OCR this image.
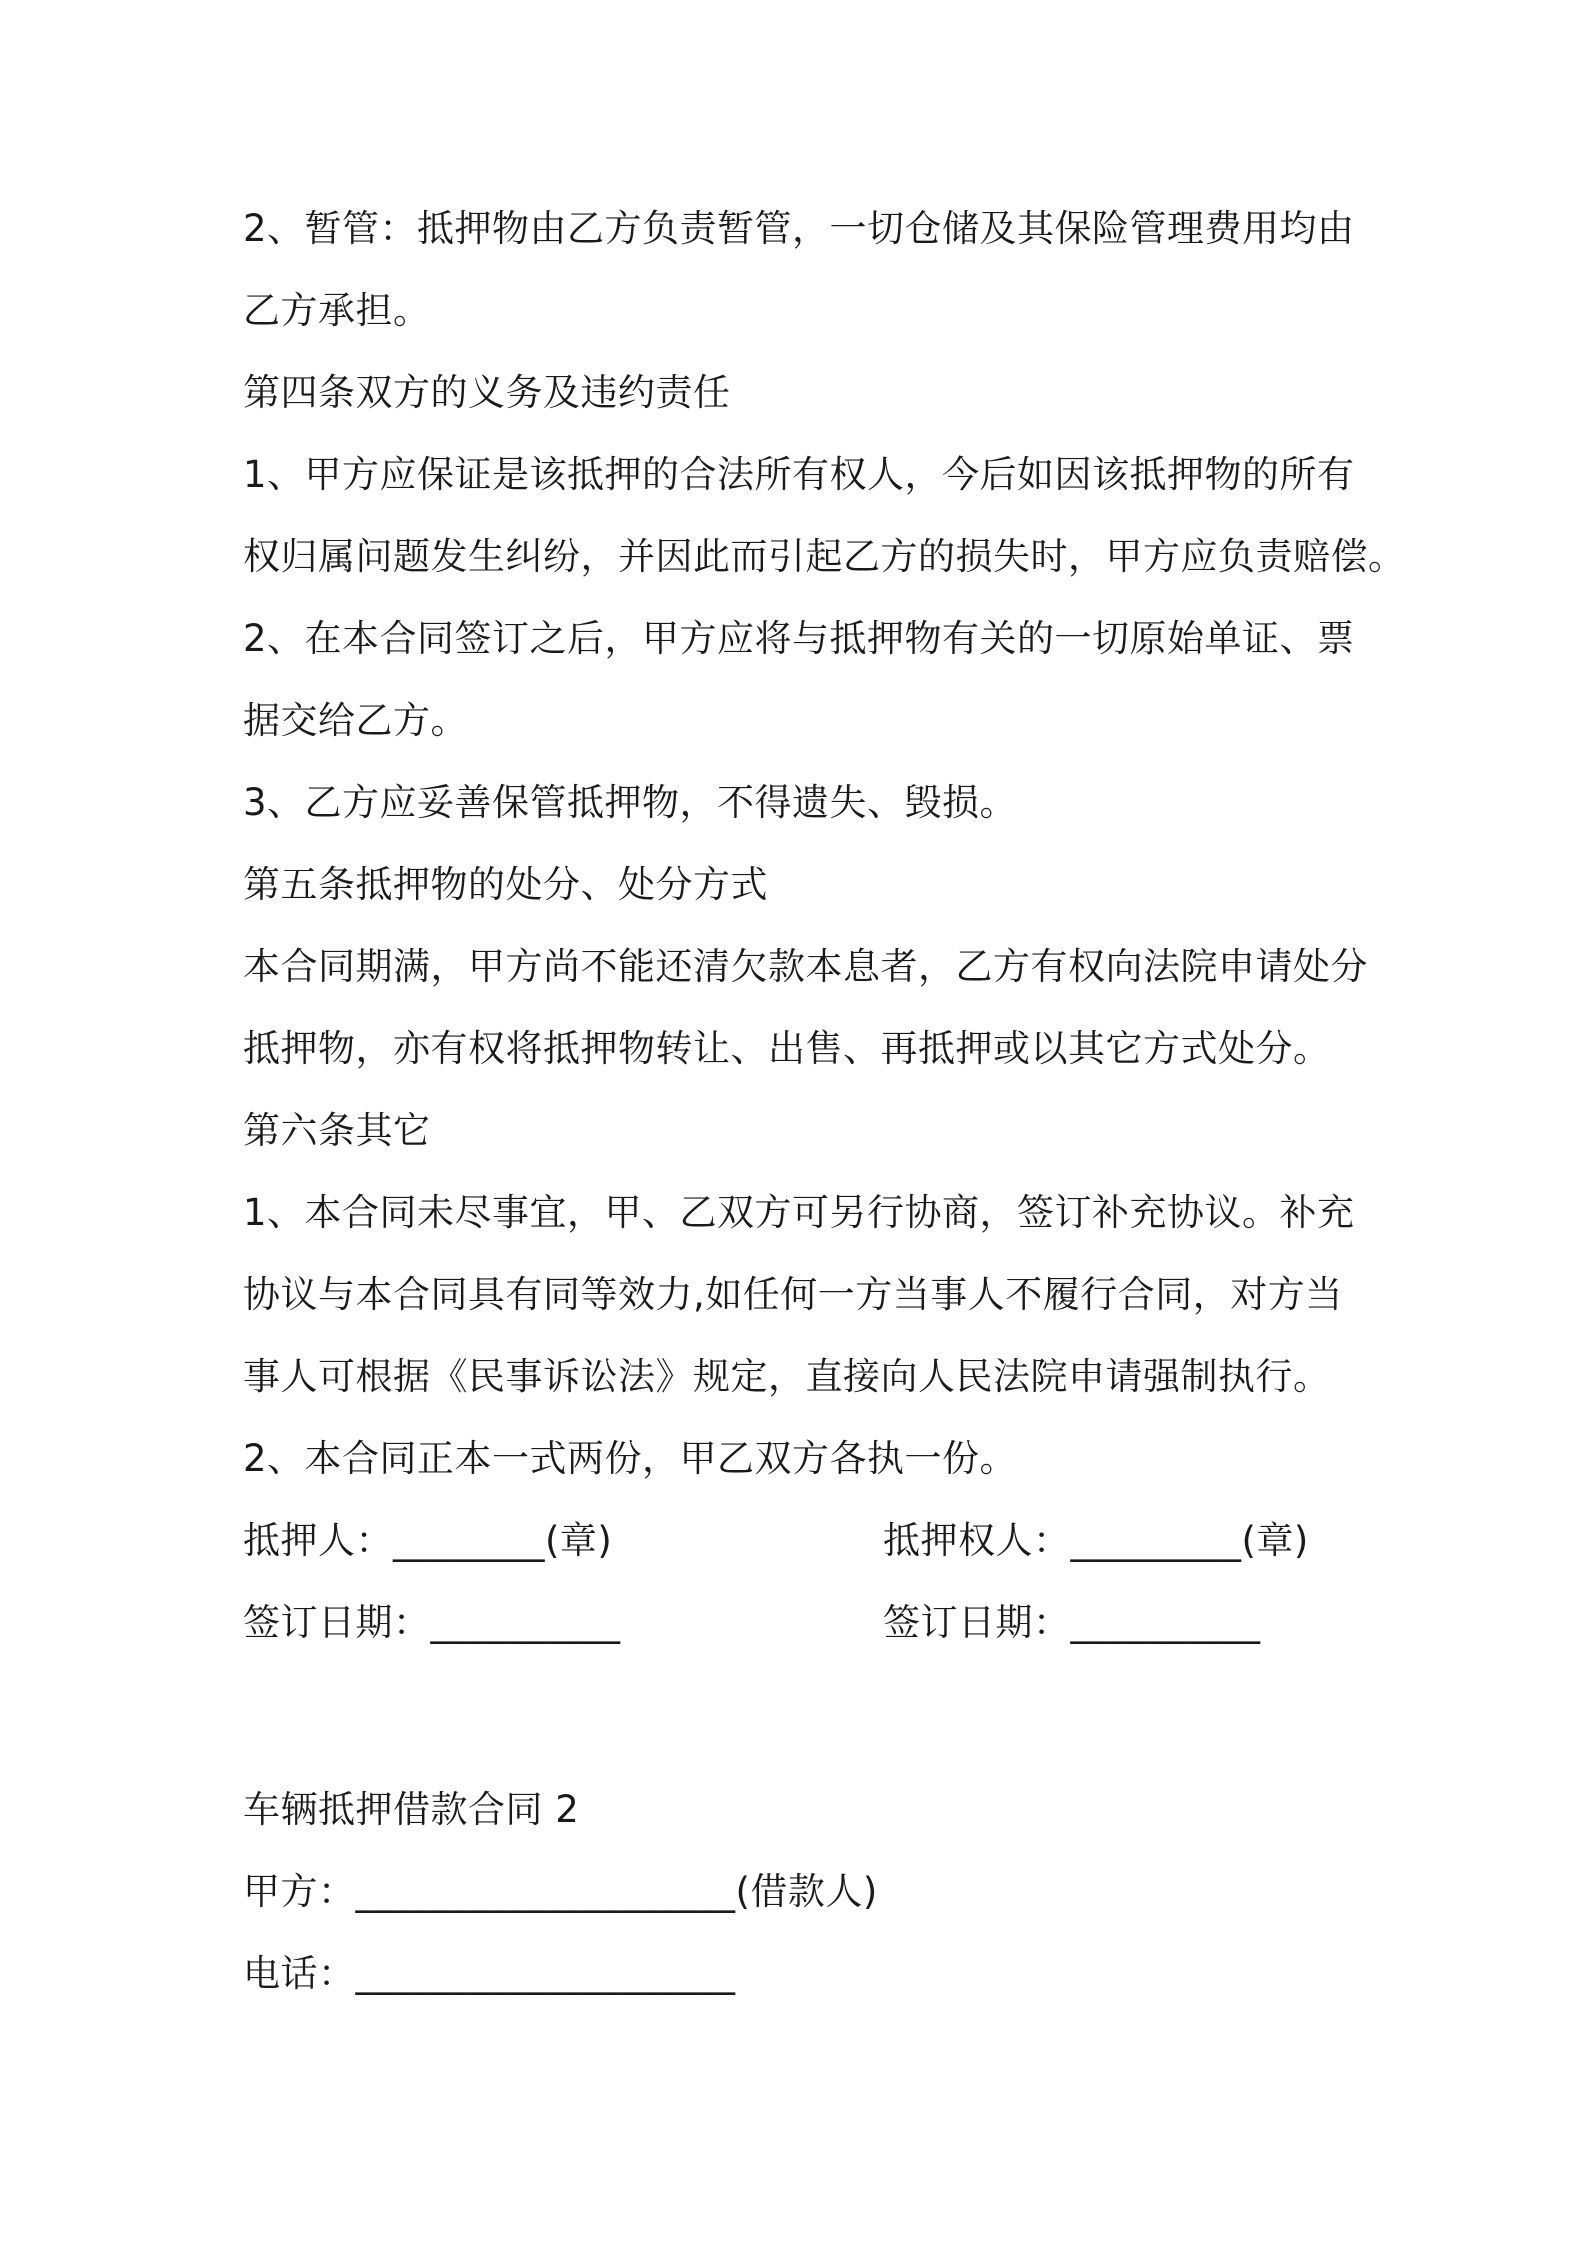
2、暂管：抵押物由乙方负责暂管，一切仓储及其保险管理费用均由
乙方承担。
第四条双方的义务及违约责任
1、甲方应保证是该抵押的合法所有权人，今后如因该抵押物的所有
权归属问题发生纠纷，并因此而引起乙方的损失时，甲方应负责赔偿。
2、在本合同签订之后，甲方应将与抵押物有关的一切原始单证、票
据交给乙方。
3、乙方应妥善保管抵押物，不得遗失、毁损。
第五条抵押物的处分、处分方式
本合同期满，甲方尚不能还清欠款本息者，乙方有权向法院申请处分
抵押物，亦有权将抵押物转让、出售、再抵押或以其它方式处分。
第六条其它
1、本合同未尽事宜，甲、乙双方可另行协商，签订补充协议。补充
协议与本合同具有同等效力,如任何一方当事人不履行合同，对方当
事人可根据《民事诉讼法》规定，直接向人民法院申请强制执行。
2、本合同正本一式两份，甲乙双方各执一份。
抵押人：________(章)	抵押权人：_________(章)
签订日期：__________	签订日期：__________
车辆抵押借款合同 2
甲方：____________________(借款人)
电话：____________________
